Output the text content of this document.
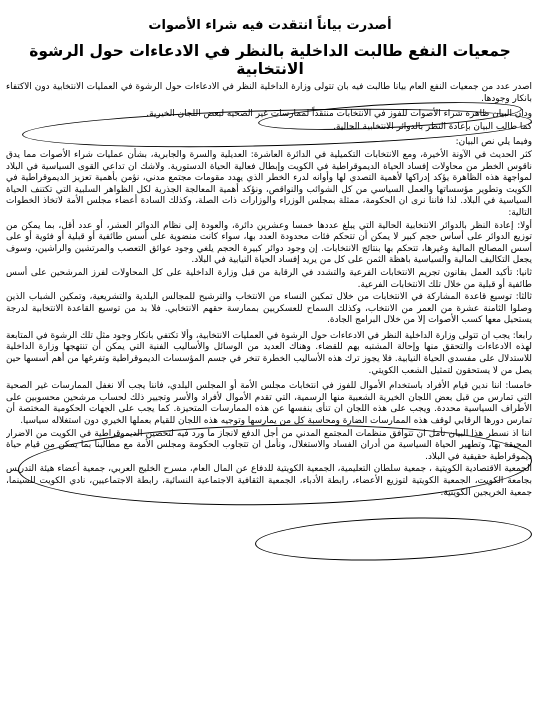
أصدرت بياناً انتقدت فيه شراء الأصوات
جمعيات النفع طالبت الداخلية بالنظر في الادعاءات حول الرشوة الانتخابية

أصدر عدد من جمعيات النفع العام بياناً طالبت فيه بان تتولى وزارة الداخلية النظر في الادعاءات حول الرشوة في العمليات الانتخابية دون الاكتفاء بانكار وجودها.

ودان البيان ظاهرة شراء الأصوات للفوز في الانتخابات منتقداً لممارسات غير الصحية لبعض اللجان الخيرية.

كما طالب البيان بإعادة النظر بالدوائر الانتخابية الحالية.

وفيما يلي نص البيان:

كثر الحديث في الآونة الأخيرة، ومع الانتخابات التكميلية في الدائرة العاشرة: العديلية والسرة والجابرية، بشأن عمليات شراء الأصوات مما يدق ناقوس الخطر من محاولات إفساد الحياة الديموقراطية في الكويت وإبطال فعالية الحياة الدستورية. ولاشك ان تداعي القوى السياسية في البلاد لمواجهة هذه الظاهرة يؤكد إدراكها لأهمية التصدي لها وأوانه لدرء الخطر الذي يهدد مقومات مجتمع مدني، نؤمن بأهمية تعزيز الديموقراطية في الكويت وتطوير مؤسساتها والعمل السياسي من كل الشوائب والنواقص، ونؤكد أهمية المعالجة الجذرية لكل الظواهر السلبية التي تكتنف الحياة السياسية في البلاد. لذا فاننا نرى ان الحكومة، ممثلة بمجلس الوزراء والوزارات ذات الصلة، وكذلك السادة أعضاء مجلس الأمة لاتخاذ الخطوات التالية:

أولا: إعادة النظر بالدوائر الانتخابية الحالية التي يبلغ عددها خمسا وعشرين دائرة، والعودة إلى نظام الدوائر العشر، أو عدد أقل، بما يمكن من توزيع الدوائر على أساس حجم كبير لا يمكن أن تتحكم فئات محدودة العدد بها، سواء كانت منضوية على أسس طائفية أو قبلية أو فئوية أو على أسس المصالح المالية وغيرها، تتحكم بها بنتائج الانتخابات. إن وجود دوائر كبيرة الحجم يلغي وجود عوائق التعصب والمرتشين والراشين، وسوف يجعل التكاليف المالية والسياسية باهظة الثمن على كل من يريد إفساد الحياة النيابية في البلاد.

ثانيا: تأكيد العمل بقانون تجريم الانتخابات الفرعية والتشدد في الرقابة من قبل وزارة الداخلية على كل المحاولات لفرز المرشحين على أسس طائفية أو قبلية من خلال تلك الانتخابات الفرعية.

ثالثا: توسيع قاعدة المشاركة في الانتخابات من خلال تمكين النساء من الانتخاب والترشيح للمجالس البلدية والتشريعية، وتمكين الشباب الذين وصلوا الثامنة عشرة من العمر من الانتخاب، وكذلك السماح للعسكريين بممارسة حقهم الانتخابي. فلا بد من توسيع القاعدة الانتخابية لدرجة يستحيل معها كسب الأصوات إلا من خلال البرامج الجادة.

رابعا: يجب ان تتولى وزارة الداخلية النظر في الادعاءات حول الرشوة في العمليات الانتخابية، وألا تكتفي بانكار وجود مثل تلك الرشوة في المتابعة لهذه الادعاءات والتحقق منها وإحالة المشتبه بهم للقضاء. وهناك العديد من الوسائل والأساليب الفنية التي يمكن أن تنتهجها وزارة الداخلية للاستدلال على مفسدي الحياة النيابية. فلا يجوز ترك هذه الأساليب الخطرة تنخر في جسم المؤسسات الديموقراطية وتفرغها من أهم أسسها حين يصل من لا يستحقون لتمثيل الشعب الكويتي.

خامسا: اننا ندين قيام الأفراد باستخدام الأموال للفوز في انتخابات مجلس الأمة أو المجلس البلدي، فاننا يجب ألا نغفل الممارسات غير الصحية التي تمارس من قبل بعض اللجان الخيرية الشعبية منها الرسمية، التي تقدم الأموال لأفراد والأسر وتجيير ذلك لحساب مرشحين محسوبين على الأطراف السياسية محددة. ويجب على هذه اللجان ان تنأى بنفسها عن هذه الممارسات المتحيزة. كما يجب على الجهات الحكومية المختصة أن تمارس دورها الرقابي لوقف هذه الممارسات الضارة ومحاسبة كل من يمارسها وتوجيه هذه اللجان للقيام بعملها الخيري دون استغلاله سياسيا.

اننا اذ نسطر هذا البيان نأمل ان تتوافق منظمات المجتمع المدني من أجل الدفع لانجاز ما ورد فيه لتحصين الديموقراطية في الكويت من الاضرار المحيقة بها، وتطهير الحياة السياسية من أدران الفساد والاستغلال، ونأمل ان تتجاوب الحكومة ومجلس الأمة مع مطالبنا بما يمكن من قيام حياة ديموقراطية حقيقية في البلاد.

الجمعية الاقتصادية الكويتية ، جمعية سلطان التعليمية، الجمعية الكويتية للدفاع عن المال العام، مسرح الخليج العربي، جمعية أعضاء هيئة التدريس بجامعة الكويت، الجمعية الكويتية لتوزيع الأعضاء، رابطة الأدباء، الجمعية الثقافية الاجتماعية النسائية، رابطة الاجتماعيين، نادي الكويت للسينما، جمعية الخريجين الكويتية.
